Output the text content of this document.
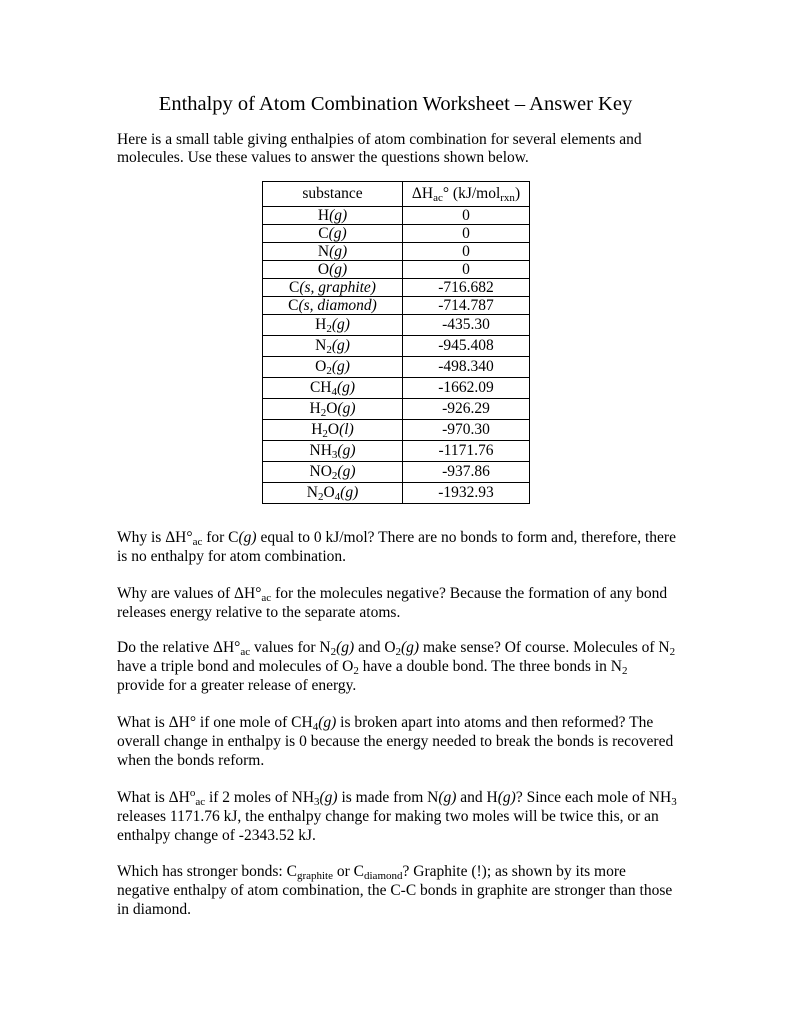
Enthalpy of Atom Combination Worksheet – Answer Key
Here is a small table giving enthalpies of atom combination for several elements and molecules. Use these values to answer the questions shown below.
substance	$\Delta H_{ac}^\circ$ (kJ/mol$_{rxn}$)
H(g)	0
C(g)	0
N(g)	0
O(g)	0
C(s, graphite)	-716.682
C(s, diamond)	-714.787
$H_2(g)$	-435.30
$N_2(g)$	-945.408
$O_2(g)$	-498.340
$CH_4(g)$	-1662.09
$H_2O(g)$	-926.29
$H_2O(l)$	-970.30
$NH_3(g)$	-1171.76
$NO_2(g)$	-937.86
$N_2O_4(g)$	-1932.93
Why is $\Delta H^\circ_{ac}$ for C(g) equal to 0 kJ/mol? There are no bonds to form and, therefore, there is no enthalpy for atom combination.
Why are values of $\Delta H^\circ_{ac}$ for the molecules negative? Because the formation of any bond releases energy relative to the separate atoms.
Do the relative $\Delta H^\circ_{ac}$ values for $N_2(g)$ and $O_2(g)$ make sense? Of course. Molecules of $N_2$ have a triple bond and molecules of $O_2$ have a double bond. The three bonds in $N_2$ provide for a greater release of energy.
What is ΔH° if one mole of $CH_4(g)$ is broken apart into atoms and then reformed? The overall change in enthalpy is 0 because the energy needed to break the bonds is recovered when the bonds reform.
What is $\Delta H^o_{ac}$ if 2 moles of $NH_3(g)$ is made from N(g) and H(g)? Since each mole of $NH_3$ releases 1171.76 kJ, the enthalpy change for making two moles will be twice this, or an enthalpy change of -2343.52 kJ.
Which has stronger bonds: $C_{graphite}$ or $C_{diamond}$? Graphite (!); as shown by its more negative enthalpy of atom combination, the C-C bonds in graphite are stronger than those in diamond.
